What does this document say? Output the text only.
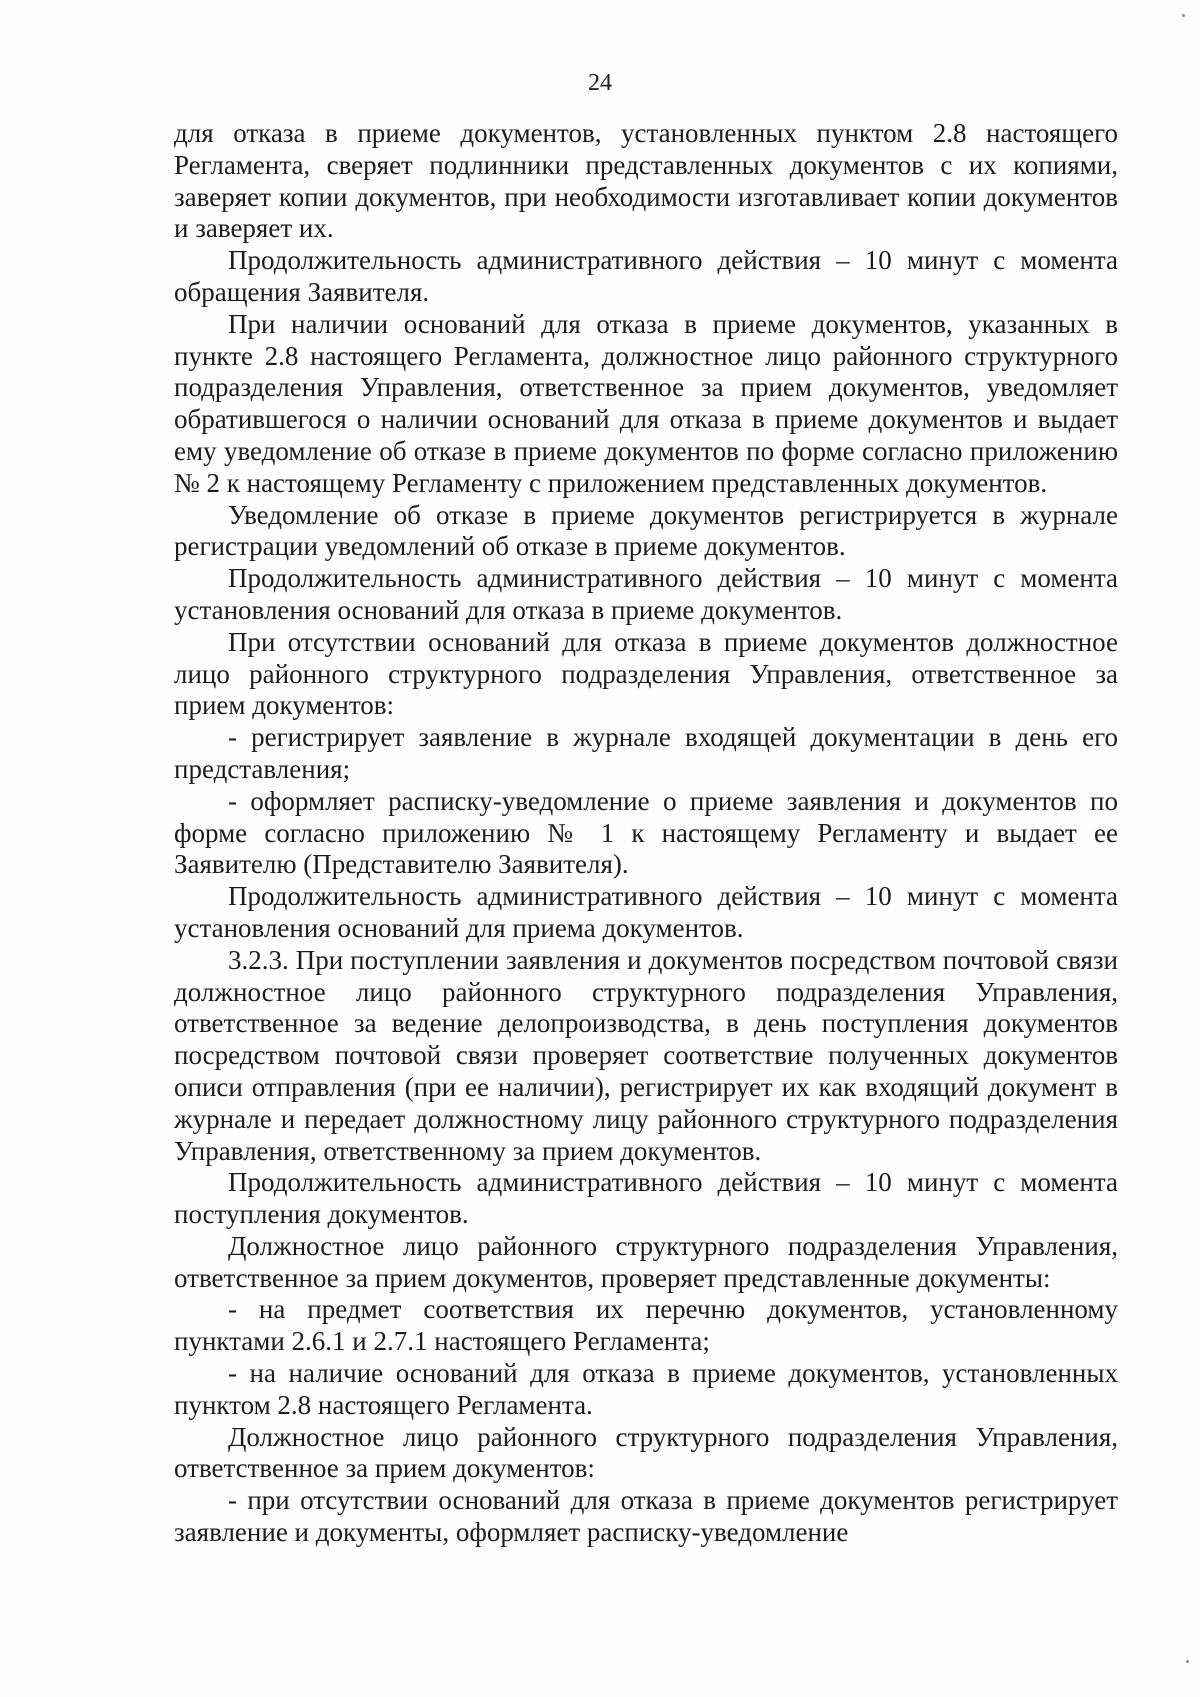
24

для отказа в приеме документов, установленных пунктом 2.8 настоящего Регламента, сверяет подлинники представленных документов с их копиями, заверяет копии документов, при необходимости изготавливает копии документов и заверяет их.

Продолжительность административного действия – 10 минут с момента обращения Заявителя.

При наличии оснований для отказа в приеме документов, указанных в пункте 2.8 настоящего Регламента, должностное лицо районного структурного подразделения Управления, ответственное за прием документов, уведомляет обратившегося о наличии оснований для отказа в приеме документов и выдает ему уведомление об отказе в приеме документов по форме согласно приложению № 2 к настоящему Регламенту с приложением представленных документов.

Уведомление об отказе в приеме документов регистрируется в журнале регистрации уведомлений об отказе в приеме документов.

Продолжительность административного действия – 10 минут с момента установления оснований для отказа в приеме документов.

При отсутствии оснований для отказа в приеме документов должностное лицо районного структурного подразделения Управления, ответственное за прием документов:

- регистрирует заявление в журнале входящей документации в день его представления;

- оформляет расписку-уведомление о приеме заявления и документов по форме согласно приложению № 1 к настоящему Регламенту и выдает ее Заявителю (Представителю Заявителя).

Продолжительность административного действия – 10 минут с момента установления оснований для приема документов.

3.2.3. При поступлении заявления и документов посредством почтовой связи должностное лицо районного структурного подразделения Управления, ответственное за ведение делопроизводства, в день поступления документов посредством почтовой связи проверяет соответствие полученных документов описи отправления (при ее наличии), регистрирует их как входящий документ в журнале и передает должностному лицу районного структурного подразделения Управления, ответственному за прием документов.

Продолжительность административного действия – 10 минут с момента поступления документов.

Должностное лицо районного структурного подразделения Управления, ответственное за прием документов, проверяет представленные документы:

- на предмет соответствия их перечню документов, установленному пунктами 2.6.1 и 2.7.1 настоящего Регламента;

- на наличие оснований для отказа в приеме документов, установленных пунктом 2.8 настоящего Регламента.

Должностное лицо районного структурного подразделения Управления, ответственное за прием документов:

- при отсутствии оснований для отказа в приеме документов регистрирует заявление и документы, оформляет расписку-уведомление
